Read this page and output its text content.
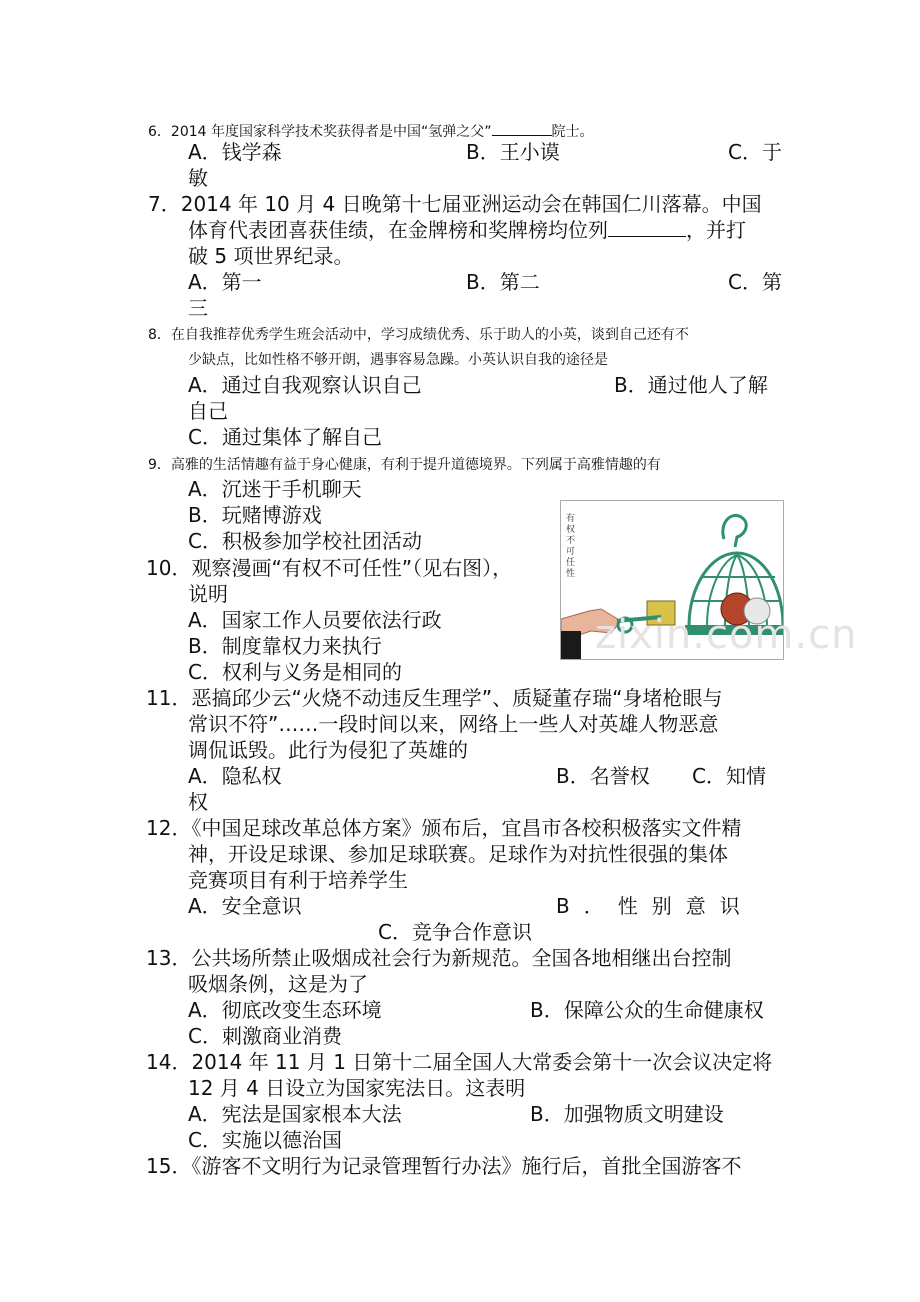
6．2014 年度国家科学技术奖获得者是中国“氢弹之父”	院士。
A．钱学森	B．王小谟	C．于
敏
7．2014 年 10 月 4 日晚第十七届亚洲运动会在韩国仁川落幕。中国
体育代表团喜获佳绩，在金牌榜和奖牌榜均位列	，并打
破 5 项世界纪录。
A．第一	B．第二	C．第
三
8．在自我推荐优秀学生班会活动中，学习成绩优秀、乐于助人的小英，谈到自己还有不
少缺点，比如性格不够开朗，遇事容易急躁。小英认识自我的途径是
A．通过自我观察认识自己	B．通过他人了解
自己
C．通过集体了解自己
9．高雅的生活情趣有益于身心健康，有利于提升道德境界。下列属于高雅情趣的有
A．沉迷于手机聊天
B．玩赌博游戏
C．积极参加学校社团活动
10．观察漫画“有权不可任性”（见右图），
说明
A．国家工作人员要依法行政
B．制度靠权力来执行
C．权利与义务是相同的
有权不可任性
zixin.com.cn
11．恶搞邱少云“火烧不动违反生理学”、质疑董存瑞“身堵枪眼与
常识不符”……一段时间以来，网络上一些人对英雄人物恶意
调侃诋毁。此行为侵犯了英雄的
A．隐私权	B．名誉权 C．知情
权
12．《中国足球改革总体方案》颁布后，宜昌市各校积极落实文件精
神，开设足球课、参加足球联赛。足球作为对抗性很强的集体
竞赛项目有利于培养学生
A．安全意识	B．性别意识
C．竞争合作意识
13．公共场所禁止吸烟成社会行为新规范。全国各地相继出台控制
吸烟条例，这是为了
A．彻底改变生态环境	B．保障公众的生命健康权
C．刺激商业消费
14．2014 年 11 月 1 日第十二届全国人大常委会第十一次会议决定将
12 月 4 日设立为国家宪法日。这表明
A．宪法是国家根本大法	B．加强物质文明建设
C．实施以德治国
15．《游客不文明行为记录管理暂行办法》施行后，首批全国游客不
